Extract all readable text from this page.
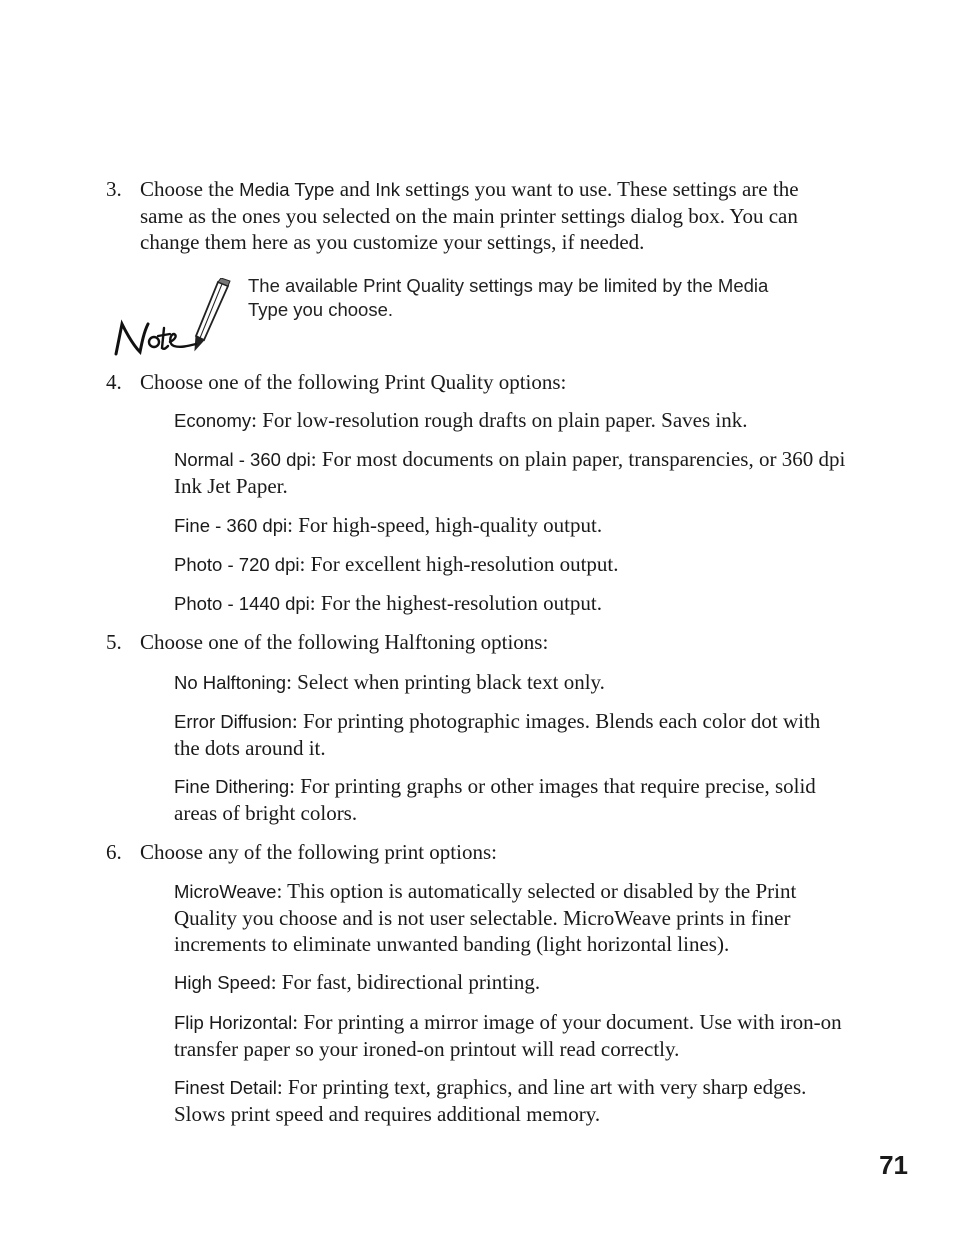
3. Choose the Media Type and Ink settings you want to use. These settings are the same as the ones you selected on the main printer settings dialog box. You can change them here as you customize your settings, if needed.
The available Print Quality settings may be limited by the Media Type you choose.
4. Choose one of the following Print Quality options:
Economy: For low-resolution rough drafts on plain paper. Saves ink.
Normal - 360 dpi: For most documents on plain paper, transparencies, or 360 dpi Ink Jet Paper.
Fine - 360 dpi: For high-speed, high-quality output.
Photo - 720 dpi: For excellent high-resolution output.
Photo - 1440 dpi: For the highest-resolution output.
5. Choose one of the following Halftoning options:
No Halftoning: Select when printing black text only.
Error Diffusion: For printing photographic images. Blends each color dot with the dots around it.
Fine Dithering: For printing graphs or other images that require precise, solid areas of bright colors.
6. Choose any of the following print options:
MicroWeave: This option is automatically selected or disabled by the Print Quality you choose and is not user selectable. MicroWeave prints in finer increments to eliminate unwanted banding (light horizontal lines).
High Speed: For fast, bidirectional printing.
Flip Horizontal: For printing a mirror image of your document. Use with iron-on transfer paper so your ironed-on printout will read correctly.
Finest Detail: For printing text, graphics, and line art with very sharp edges. Slows print speed and requires additional memory.
71
